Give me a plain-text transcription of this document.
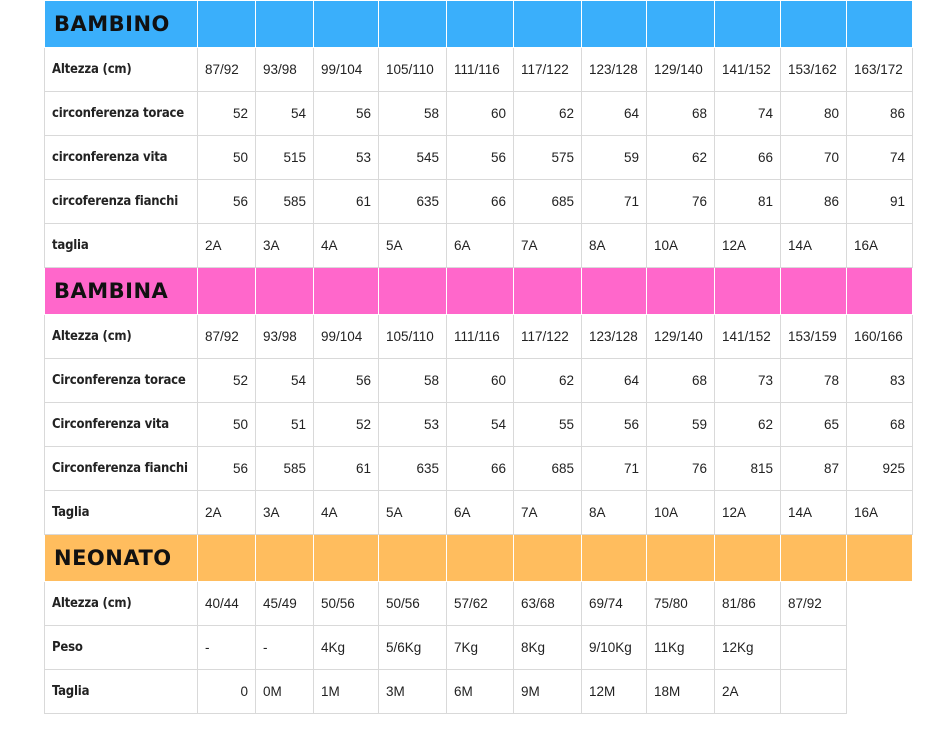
BAMBINO											
Altezza (cm)	87/92	93/98	99/104	105/110	111/116	117/122	123/128	129/140	141/152	153/162	163/172
circonferenza torace	52	54	56	58	60	62	64	68	74	80	86
circonferenza vita	50	515	53	545	56	575	59	62	66	70	74
circoferenza fianchi	56	585	61	635	66	685	71	76	81	86	91
taglia	2A	3A	4A	5A	6A	7A	8A	10A	12A	14A	16A
BAMBINA											
Altezza (cm)	87/92	93/98	99/104	105/110	111/116	117/122	123/128	129/140	141/152	153/159	160/166
Circonferenza torace	52	54	56	58	60	62	64	68	73	78	83
Circonferenza vita	50	51	52	53	54	55	56	59	62	65	68
Circonferenza fianchi	56	585	61	635	66	685	71	76	815	87	925
Taglia	2A	3A	4A	5A	6A	7A	8A	10A	12A	14A	16A
NEONATO											
Altezza (cm)	40/44	45/49	50/56	50/56	57/62	63/68	69/74	75/80	81/86	87/92	
Peso	-	-	4Kg	5/6Kg	7Kg	8Kg	9/10Kg	11Kg	12Kg		
Taglia	0	0M	1M	3M	6M	9M	12M	18M	2A		
